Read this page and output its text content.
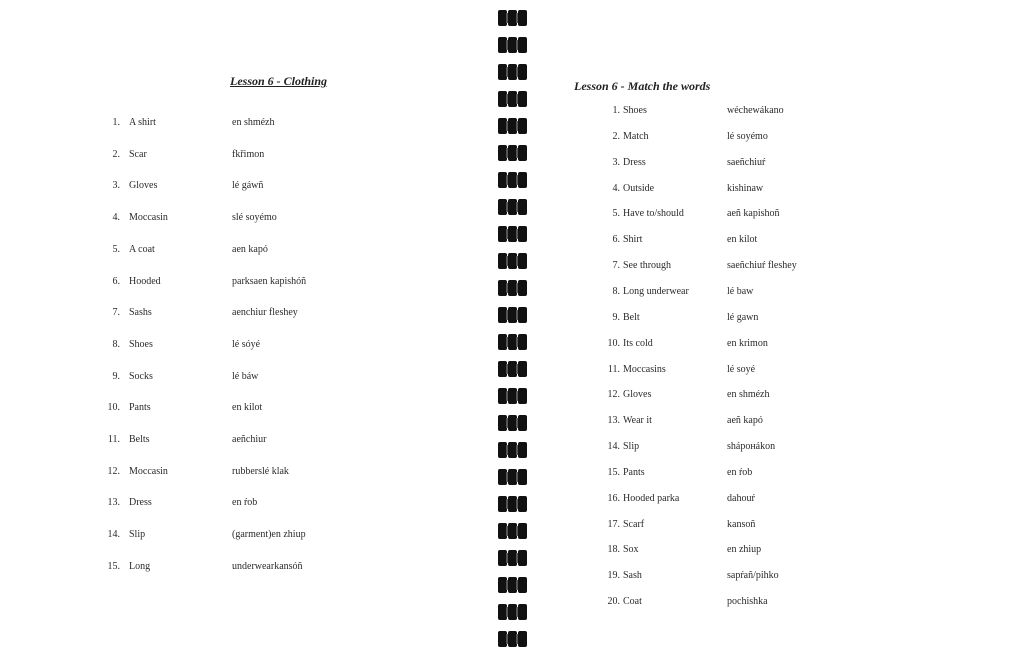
Lesson 6 - Clothing
1. A shirt	en shmézh
2. Scar	fkřimon
3. Gloves	lé gáwñ
4. Moccasin	slé soyémo
5. A coat	aen kapó
6. Hooded	parksaen kapishóñ
7. Sashs	aenchiur fleshey
8. Shoes	lé sóyé
9. Socks	lé báw
10. Pants	en kilot
11. Belts	aeñchiur
12. Moccasin	rubberslé klak
13. Dress	en ŕob
14. Slip	(garment)en zhiup
15. Long	underwearkansóñ
Lesson 6 - Match the words
1. Shoes	wéchewákano
2. Match	lé soyémo
3. Dress	saeñchiuŕ
4. Outside	kishinaw
5. Have to/should	aeñ kapishoñ
6. Shirt	en kilot
7. See through	saeñchiuŕ fleshey
8. Long underwear	lé baw
9. Belt	lé gawn
10. Its cold	en krimon
11. Moccasins	lé soyé
12. Gloves	en shmézh
13. Wear it	aeñ kapó
14. Slip	shápонákon
15. Pants	en ŕob
16. Hooded parka	dahouŕ
17. Scarf	kansoñ
18. Sox	en zhiup
19. Sash	sapŕañ/pihko
20. Coat	pochishka
